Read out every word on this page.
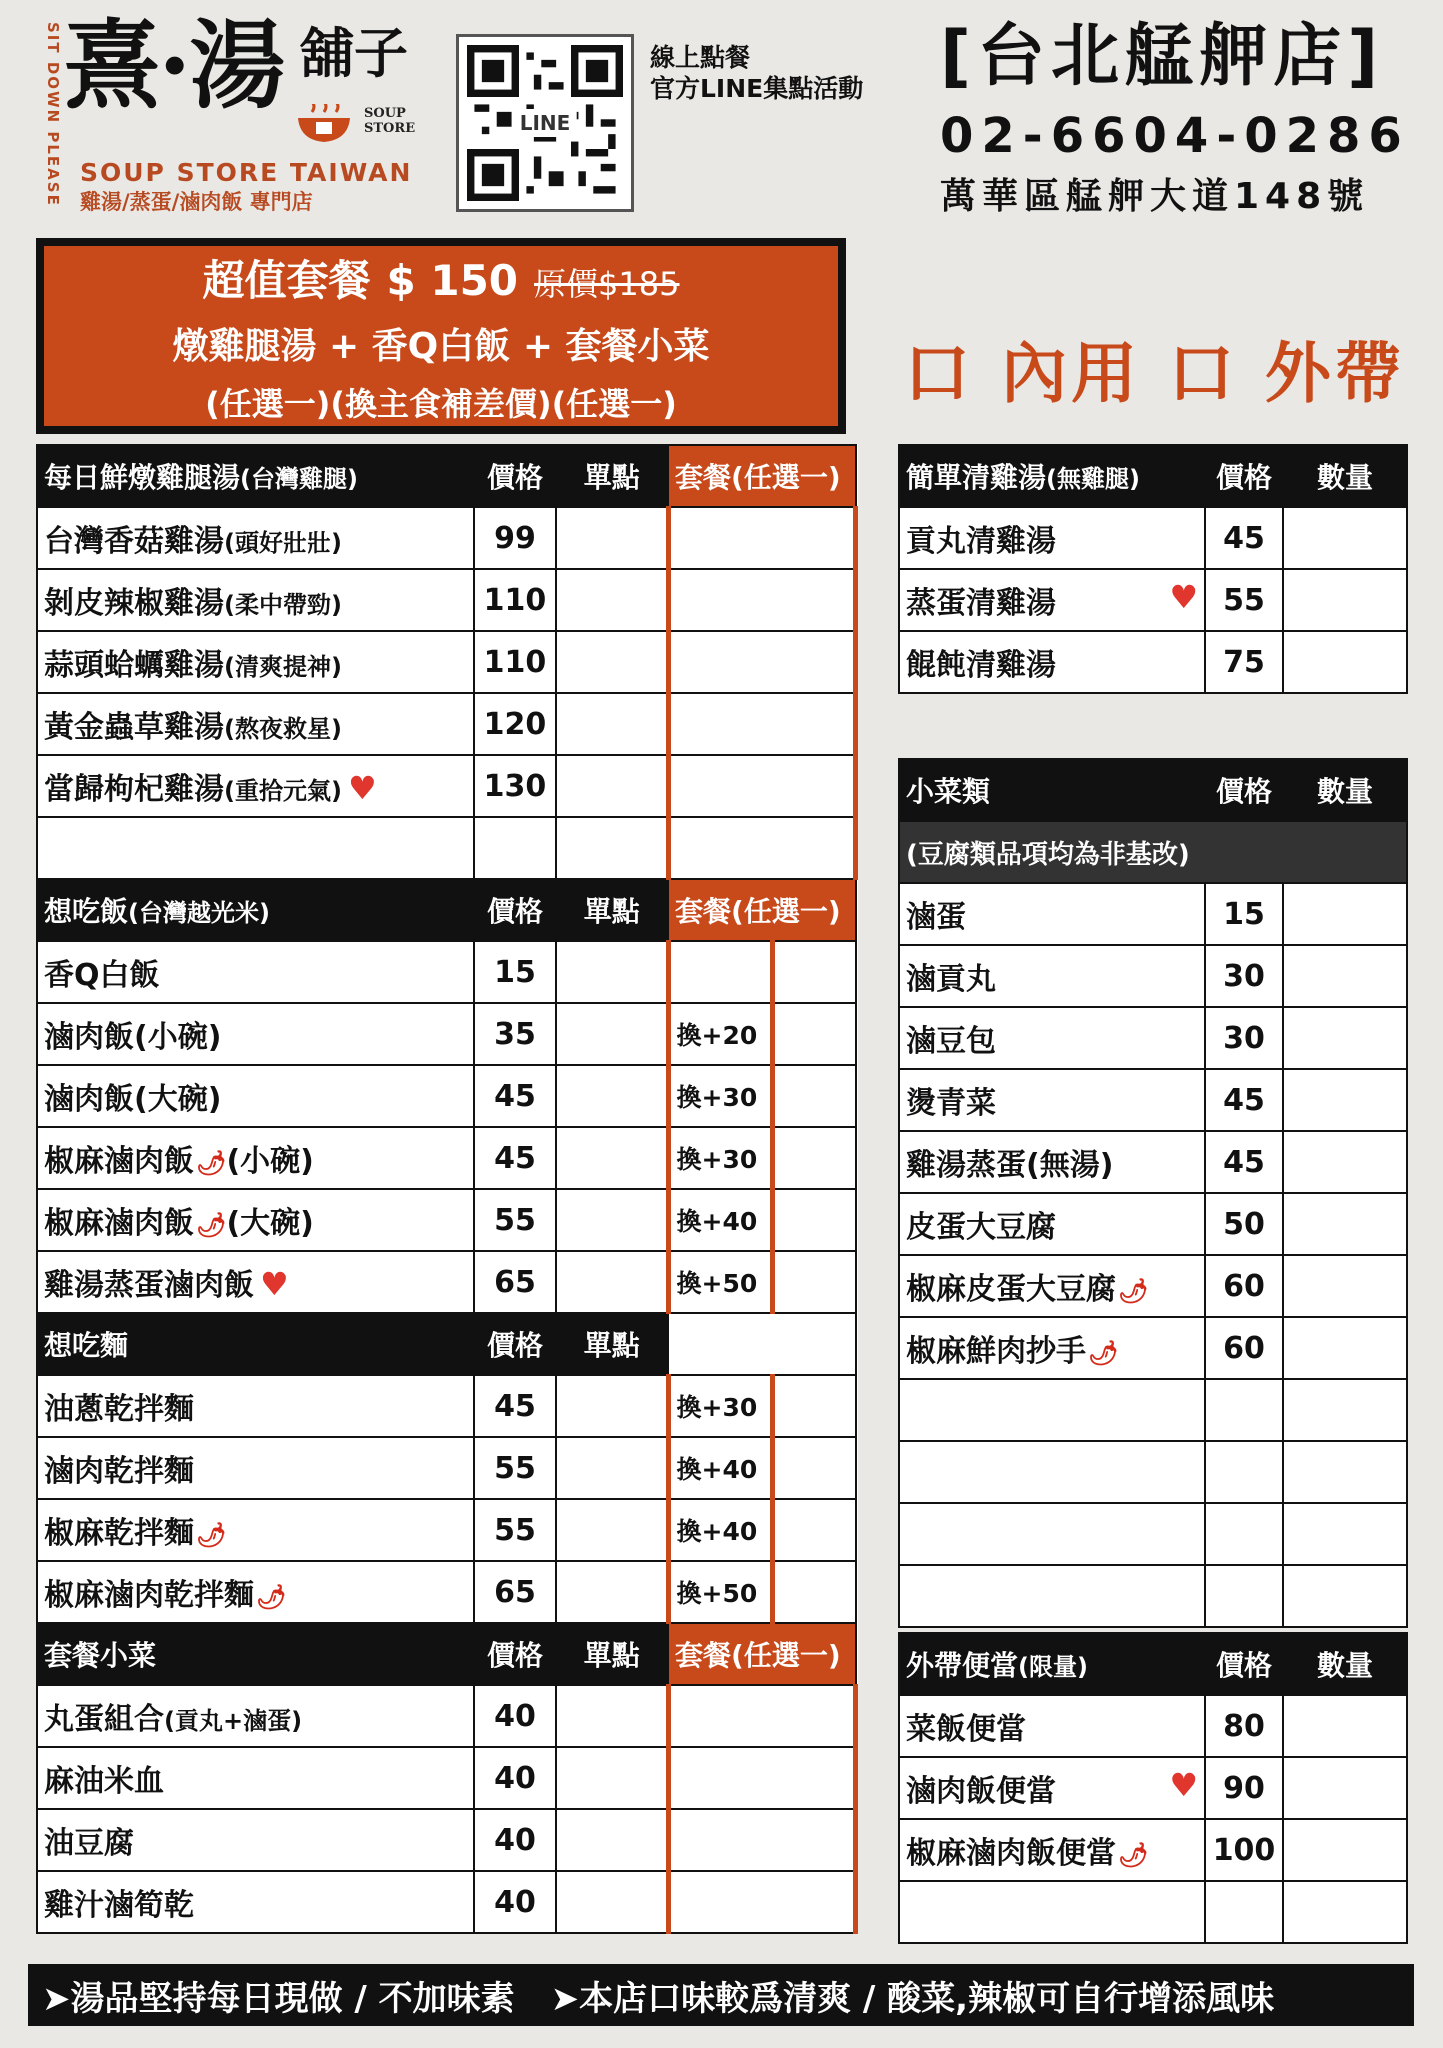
SIT DOWN PLEASE 熹·湯 舖子
SOUP STORE
SOUP STORE TAIWAN
雞湯/蒸蛋/滷肉飯 專門店
LINE
線上點餐
官方LINE集點活動 [台北艋舺店]
02-6604-0286
萬華區艋舺大道148號
超值套餐 $ 150 原價$185
燉雞腿湯 + 香Q白飯 + 套餐小菜
(任選一)(換主食補差價)(任選一)	口 內用 口 外帶
每日鮮燉雞腿湯(台灣雞腿)	價格	單點	套餐(任選一)	
台灣香菇雞湯(頭好壯壯)	99			
剝皮辣椒雞湯(柔中帶勁)	110			
蒜頭蛤蠣雞湯(清爽提神)	110			
黃金蟲草雞湯(熬夜救星)	120			
當歸枸杞雞湯(重拾元氣) ♥	130			

想吃飯(台灣越光米)	價格	單點	套餐(任選一)	
香Q白飯	15			
滷肉飯(小碗)	35		換+20	
滷肉飯(大碗)	45		換+30	
椒麻滷肉飯🌶(小碗)	45		換+30	
椒麻滷肉飯🌶(大碗)	55		換+40	
雞湯蒸蛋滷肉飯 ♥	65		換+50	
想吃麵	價格	單點		
油蔥乾拌麵	45		換+30	
滷肉乾拌麵	55		換+40	
椒麻乾拌麵🌶	55		換+40	
椒麻滷肉乾拌麵🌶	65		換+50	
套餐小菜	價格	單點	套餐(任選一)	
丸蛋組合(貢丸+滷蛋)	40			
麻油米血	40			
油豆腐	40			
雞汁滷筍乾	40			
簡單清雞湯(無雞腿)	價格	數量
貢丸清雞湯	45	
蒸蛋清雞湯 ♥	55	
餛飩清雞湯	75	
小菜類	價格	數量
(豆腐類品項均為非基改)		
滷蛋	15	
滷貢丸	30	
滷豆包	30	
燙青菜	45	
雞湯蒸蛋(無湯)	45	
皮蛋大豆腐	50	
椒麻皮蛋大豆腐🌶	60	
椒麻鮮肉抄手🌶	60	

外帶便當(限量)	價格	數量
菜飯便當	80	
滷肉飯便當 ♥	90	
椒麻滷肉飯便當🌶	100	

➤湯品堅持每日現做 / 不加味素 ➤本店口味較爲清爽 / 酸菜,辣椒可自行增添風味
